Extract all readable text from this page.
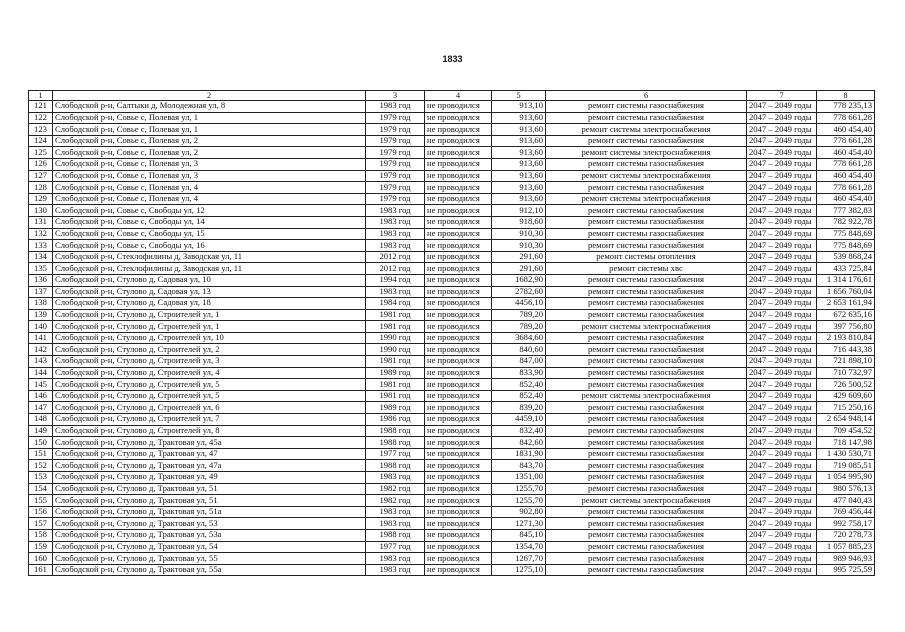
1833
1	2	3	4	5	6	7	8
121	Слободской р-н, Салтыки д, Молодежная ул, 8	1983 год	не проводился	913,10	ремонт системы газоснабжения	2047 – 2049 годы	778 235,13
122	Слободской р-н, Совье с, Полевая ул, 1	1979 год	не проводился	913,60	ремонт системы газоснабжения	2047 – 2049 годы	778 661,28
123	Слободской р-н, Совье с, Полевая ул, 1	1979 год	не проводился	913,60	ремонт системы электроснабжения	2047 – 2049 годы	460 454,40
124	Слободской р-н, Совье с, Полевая ул, 2	1979 год	не проводился	913,60	ремонт системы газоснабжения	2047 – 2049 годы	778 661,28
125	Слободской р-н, Совье с, Полевая ул, 2	1979 год	не проводился	913,60	ремонт системы электроснабжения	2047 – 2049 годы	460 454,40
126	Слободской р-н, Совье с, Полевая ул, 3	1979 год	не проводился	913,60	ремонт системы газоснабжения	2047 – 2049 годы	778 661,28
127	Слободской р-н, Совье с, Полевая ул, 3	1979 год	не проводился	913,60	ремонт системы электроснабжения	2047 – 2049 годы	460 454,40
128	Слободской р-н, Совье с, Полевая ул, 4	1979 год	не проводился	913,60	ремонт системы газоснабжения	2047 – 2049 годы	778 661,28
129	Слободской р-н, Совье с, Полевая ул, 4	1979 год	не проводился	913,60	ремонт системы электроснабжения	2047 – 2049 годы	460 454,40
130	Слободской р-н, Совье с, Свободы ул, 12	1983 год	не проводился	912,10	ремонт системы газоснабжения	2047 – 2049 годы	777 382,83
131	Слободской р-н, Совье с, Свободы ул, 14	1983 год	не проводился	918,60	ремонт системы газоснабжения	2047 – 2049 годы	782 922,78
132	Слободской р-н, Совье с, Свободы ул, 15	1983 год	не проводился	910,30	ремонт системы газоснабжения	2047 – 2049 годы	775 848,69
133	Слободской р-н, Совье с, Свободы ул, 16	1983 год	не проводился	910,30	ремонт системы газоснабжения	2047 – 2049 годы	775 848,69
134	Слободской р-н, Стеклофилины д, Заводская ул, 11	2012 год	не проводился	291,60	ремонт системы отопления	2047 – 2049 годы	539 868,24
135	Слободской р-н, Стеклофилины д, Заводская ул, 11	2012 год	не проводился	291,60	ремонт системы хвс	2047 – 2049 годы	433 725,84
136	Слободской р-н, Стулово д, Садовая ул, 10	1994 год	не проводился	1682,90	ремонт системы газоснабжения	2047 – 2049 годы	1 314 176,61
137	Слободской р-н, Стулово д, Садовая ул, 13	1983 год	не проводился	2782,60	ремонт системы газоснабжения	2047 – 2049 годы	1 656 760,04
138	Слободской р-н, Стулово д, Садовая ул, 18	1984 год	не проводился	4456,10	ремонт системы газоснабжения	2047 – 2049 годы	2 653 161,94
139	Слободской р-н, Стулово д, Строителей ул, 1	1981 год	не проводился	789,20	ремонт системы газоснабжения	2047 – 2049 годы	672 635,16
140	Слободской р-н, Стулово д, Строителей ул, 1	1981 год	не проводился	789,20	ремонт системы электроснабжения	2047 – 2049 годы	397 756,80
141	Слободской р-н, Стулово д, Строителей ул, 10	1990 год	не проводился	3684,60	ремонт системы газоснабжения	2047 – 2049 годы	2 193 810,84
142	Слободской р-н, Стулово д, Строителей ул, 2	1990 год	не проводился	840,60	ремонт системы газоснабжения	2047 – 2049 годы	716 443,38
143	Слободской р-н, Стулово д, Строителей ул, 3	1981 год	не проводился	847,00	ремонт системы газоснабжения	2047 – 2049 годы	721 898,10
144	Слободской р-н, Стулово д, Строителей ул, 4	1989 год	не проводился	833,90	ремонт системы газоснабжения	2047 – 2049 годы	710 732,97
145	Слободской р-н, Стулово д, Строителей ул, 5	1981 год	не проводился	852,40	ремонт системы газоснабжения	2047 – 2049 годы	726 500,52
146	Слободской р-н, Стулово д, Строителей ул, 5	1981 год	не проводился	852,40	ремонт системы электроснабжения	2047 – 2049 годы	429 609,60
147	Слободской р-н, Стулово д, Строителей ул, 6	1989 год	не проводился	839,20	ремонт системы газоснабжения	2047 – 2049 годы	715 250,16
148	Слободской р-н, Стулово д, Строителей ул, 7	1986 год	не проводился	4459,10	ремонт системы газоснабжения	2047 – 2049 годы	2 654 948,14
149	Слободской р-н, Стулово д, Строителей ул, 8	1988 год	не проводился	832,40	ремонт системы газоснабжения	2047 – 2049 годы	709 454,52
150	Слободской р-н, Стулово д, Трактовая ул, 45а	1988 год	не проводился	842,60	ремонт системы газоснабжения	2047 – 2049 годы	718 147,98
151	Слободской р-н, Стулово д, Трактовая ул, 47	1977 год	не проводился	1831,90	ремонт системы газоснабжения	2047 – 2049 годы	1 430 530,71
152	Слободской р-н, Стулово д, Трактовая ул, 47а	1988 год	не проводился	843,70	ремонт системы газоснабжения	2047 – 2049 годы	719 085,51
153	Слободской р-н, Стулово д, Трактовая ул, 49	1983 год	не проводился	1351,00	ремонт системы газоснабжения	2047 – 2049 годы	1 054 995,90
154	Слободской р-н, Стулово д, Трактовая ул, 51	1982 год	не проводился	1255,70	ремонт системы газоснабжения	2047 – 2049 годы	980 576,13
155	Слободской р-н, Стулово д, Трактовая ул, 51	1982 год	не проводился	1255,70	ремонт системы электроснабжения	2047 – 2049 годы	477 040,43
156	Слободской р-н, Стулово д, Трактовая ул, 51а	1983 год	не проводился	902,80	ремонт системы газоснабжения	2047 – 2049 годы	769 456,44
157	Слободской р-н, Стулово д, Трактовая ул, 53	1983 год	не проводился	1271,30	ремонт системы газоснабжения	2047 – 2049 годы	992 758,17
158	Слободской р-н, Стулово д, Трактовая ул, 53а	1988 год	не проводился	845,10	ремонт системы газоснабжения	2047 – 2049 годы	720 278,73
159	Слободской р-н, Стулово д, Трактовая ул, 54	1977 год	не проводился	1354,70	ремонт системы газоснабжения	2047 – 2049 годы	1 057 885,23
160	Слободской р-н, Стулово д, Трактовая ул, 55	1983 год	не проводился	1267,70	ремонт системы газоснабжения	2047 – 2049 годы	989 946,93
161	Слободской р-н, Стулово д, Трактовая ул, 55а	1983 год	не проводился	1275,10	ремонт системы газоснабжения	2047 – 2049 годы	995 725,59
